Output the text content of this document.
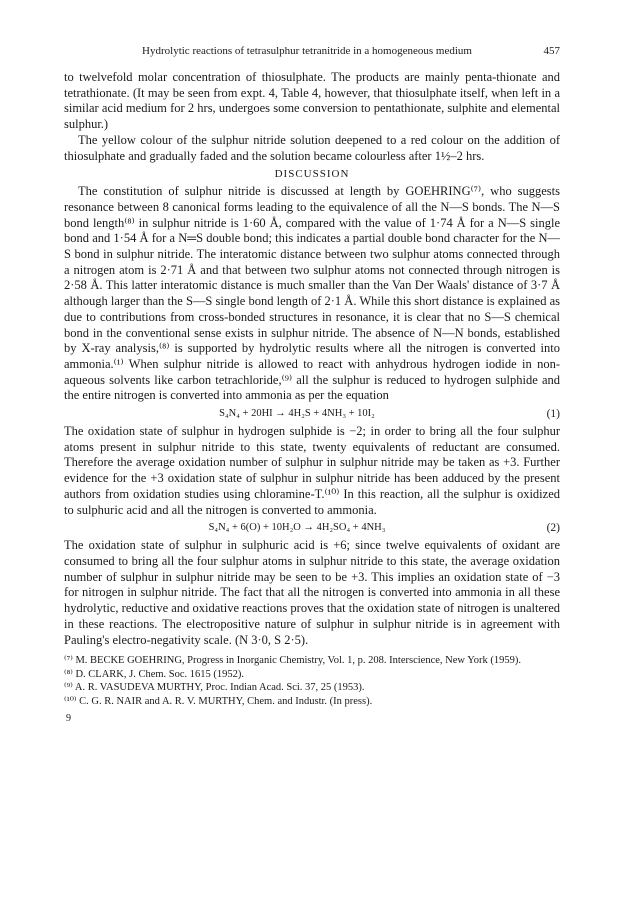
Hydrolytic reactions of tetrasulphur tetranitride in a homogeneous medium	457

to twelvefold molar concentration of thiosulphate. The products are mainly penta-thionate and tetrathionate. (It may be seen from expt. 4, Table 4, however, that thiosulphate itself, when left in a similar acid medium for 2 hrs, undergoes some conversion to pentathionate, sulphite and elemental sulphur.)

The yellow colour of the sulphur nitride solution deepened to a red colour on the addition of thiosulphate and gradually faded and the solution became colourless after 1½–2 hrs.

DISCUSSION

The constitution of sulphur nitride is discussed at length by GOEHRING⁽⁷⁾, who suggests resonance between 8 canonical forms leading to the equivalence of all the N—S bonds. The N—S bond length⁽⁸⁾ in sulphur nitride is 1·60 Å, compared with the value of 1·74 Å for a N—S single bond and 1·54 Å for a N═S double bond; this indicates a partial double bond character for the N—S bond in sulphur nitride. The interatomic distance between two sulphur atoms connected through a nitrogen atom is 2·71 Å and that between two sulphur atoms not connected through nitrogen is 2·58 Å. This latter interatomic distance is much smaller than the Van Der Waals' distance of 3·7 Å although larger than the S—S single bond length of 2·1 Å. While this short distance is explained as due to contributions from cross-bonded structures in resonance, it is clear that no S—S chemical bond in the conventional sense exists in sulphur nitride. The absence of N—N bonds, established by X-ray analysis,⁽⁸⁾ is supported by hydrolytic results where all the nitrogen is converted into ammonia.⁽¹⁾ When sulphur nitride is allowed to react with anhydrous hydrogen iodide in non-aqueous solvents like carbon tetrachloride,⁽⁹⁾ all the sulphur is reduced to hydrogen sulphide and the entire nitrogen is converted into ammonia as per the equation

S₄N₄ + 20HI → 4H₂S + 4NH₃ + 10I₂	(1)

The oxidation state of sulphur in hydrogen sulphide is −2; in order to bring all the four sulphur atoms present in sulphur nitride to this state, twenty equivalents of reductant are consumed. Therefore the average oxidation number of sulphur in sulphur nitride may be taken as +3. Further evidence for the +3 oxidation state of sulphur in sulphur nitride has been adduced by the present authors from oxidation studies using chloramine-T.⁽¹⁰⁾ In this reaction, all the sulphur is oxidized to sulphuric acid and all the nitrogen is converted to ammonia.

S₄N₄ + 6(O) + 10H₂O → 4H₂SO₄ + 4NH₃	(2)

The oxidation state of sulphur in sulphuric acid is +6; since twelve equivalents of oxidant are consumed to bring all the four sulphur atoms in sulphur nitride to this state, the average oxidation number of sulphur in sulphur nitride may be seen to be +3. This implies an oxidation state of −3 for nitrogen in sulphur nitride. The fact that all the nitrogen is converted into ammonia in all these hydrolytic, reductive and oxidative reactions proves that the oxidation state of nitrogen is unaltered in these reactions. The electropositive nature of sulphur in sulphur nitride is in agreement with Pauling's electro-negativity scale. (N 3·0, S 2·5).

⁽⁷⁾ M. BECKE GOEHRING, Progress in Inorganic Chemistry, Vol. 1, p. 208. Interscience, New York (1959).
⁽⁸⁾ D. CLARK, J. Chem. Soc. 1615 (1952).
⁽⁹⁾ A. R. VASUDEVA MURTHY, Proc. Indian Acad. Sci. 37, 25 (1953).
⁽¹⁰⁾ C. G. R. NAIR and A. R. V. MURTHY, Chem. and Industr. (In press).
9
